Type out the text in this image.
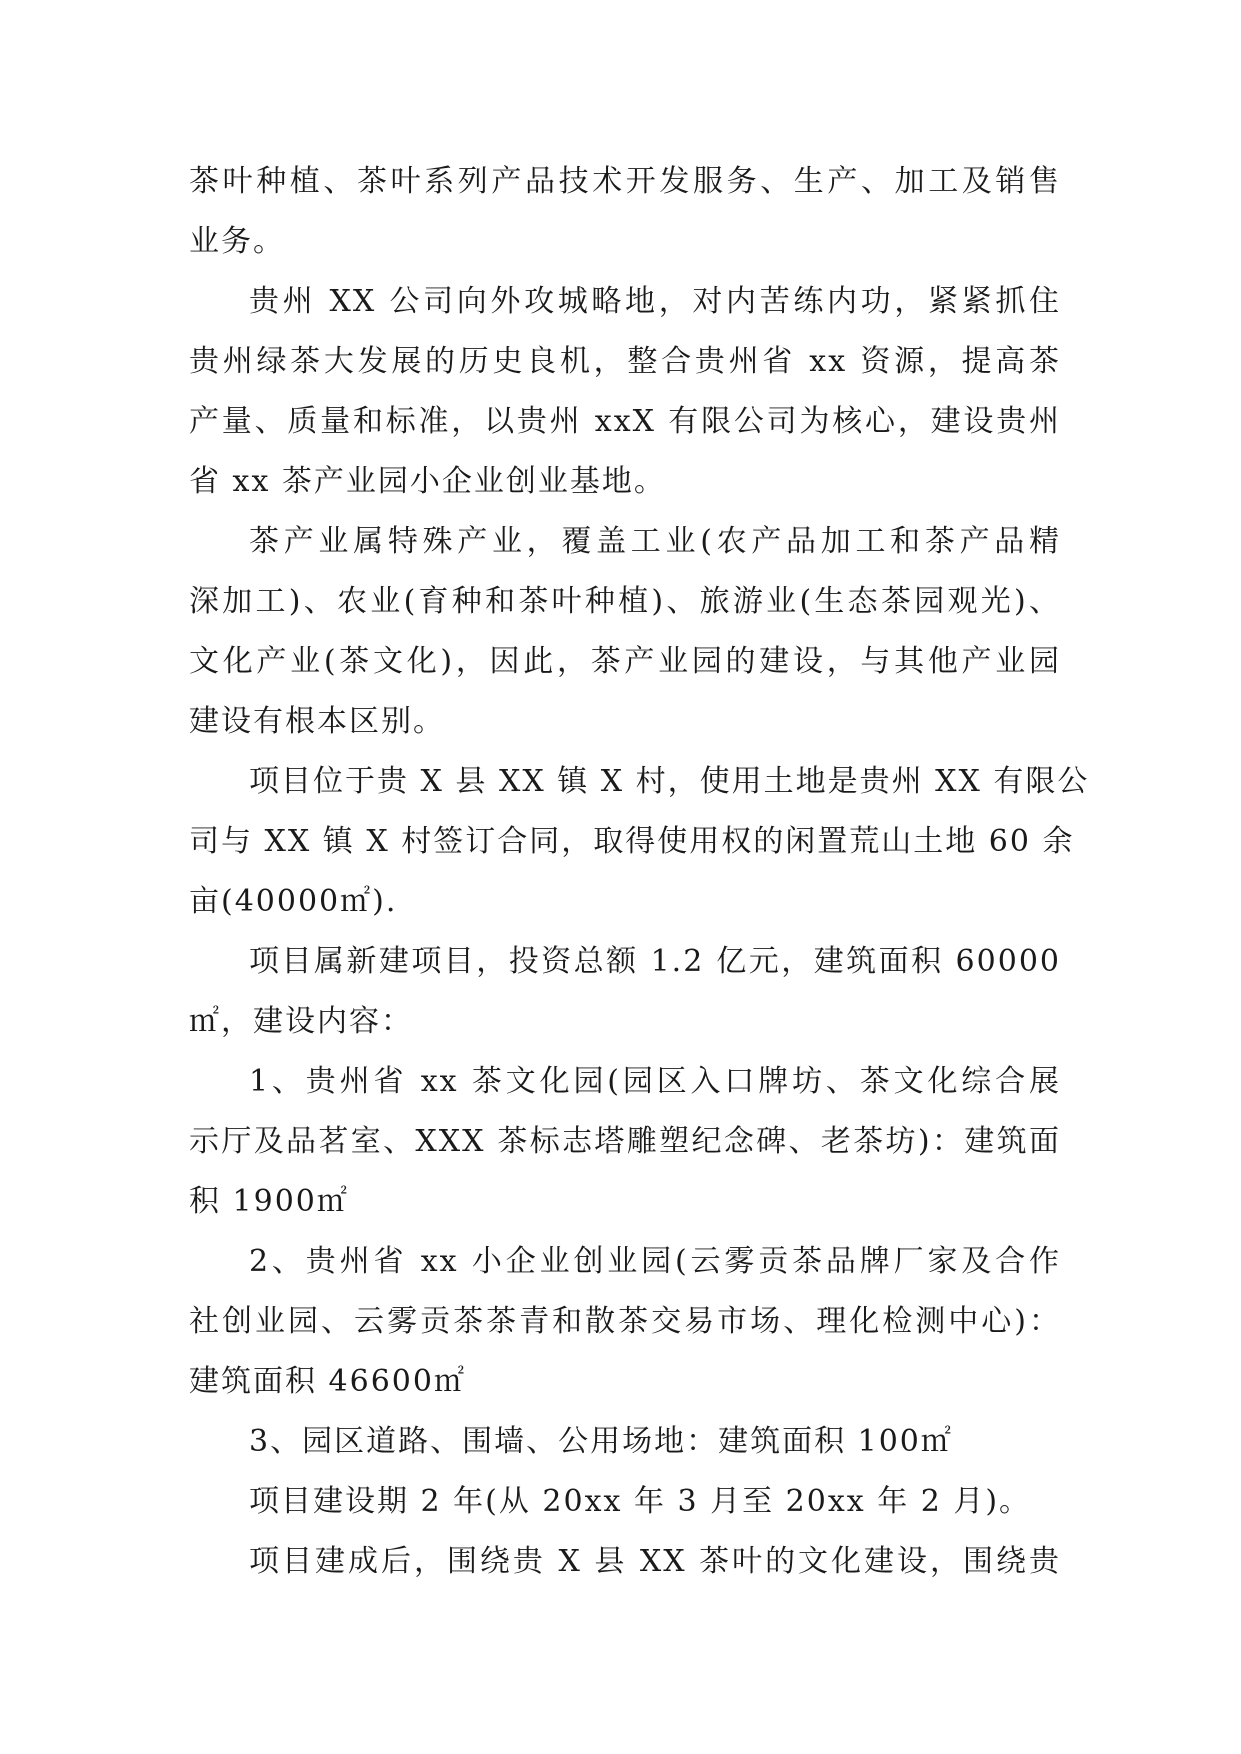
茶叶种植、茶叶系列产品技术开发服务、生产、加工及销售
业务。
贵州 XX 公司向外攻城略地，对内苦练内功，紧紧抓住
贵州绿茶大发展的历史良机，整合贵州省 xx 资源，提高茶
产量、质量和标准，以贵州 xxX 有限公司为核心，建设贵州
省 xx 茶产业园小企业创业基地。
茶产业属特殊产业，覆盖工业(农产品加工和茶产品精
深加工)、农业(育种和茶叶种植)、旅游业(生态茶园观光)、
文化产业(茶文化)，因此，茶产业园的建设，与其他产业园
建设有根本区别。
项目位于贵 X 县 XX 镇 X 村，使用土地是贵州 XX 有限公
司与 XX 镇 X 村签订合同，取得使用权的闲置荒山土地 60 余
亩(40000㎡).
项目属新建项目，投资总额 1.2 亿元，建筑面积 60000
㎡，建设内容：
1、贵州省 xx 茶文化园(园区入口牌坊、茶文化综合展
示厅及品茗室、XXX 茶标志塔雕塑纪念碑、老茶坊)：建筑面
积 1900㎡
2、贵州省 xx 小企业创业园(云雾贡茶品牌厂家及合作
社创业园、云雾贡茶茶青和散茶交易市场、理化检测中心)：
建筑面积 46600㎡
3、园区道路、围墙、公用场地：建筑面积 100㎡
项目建设期 2 年(从 20xx 年 3 月至 20xx 年 2 月)。
项目建成后，围绕贵 X 县 XX 茶叶的文化建设，围绕贵
